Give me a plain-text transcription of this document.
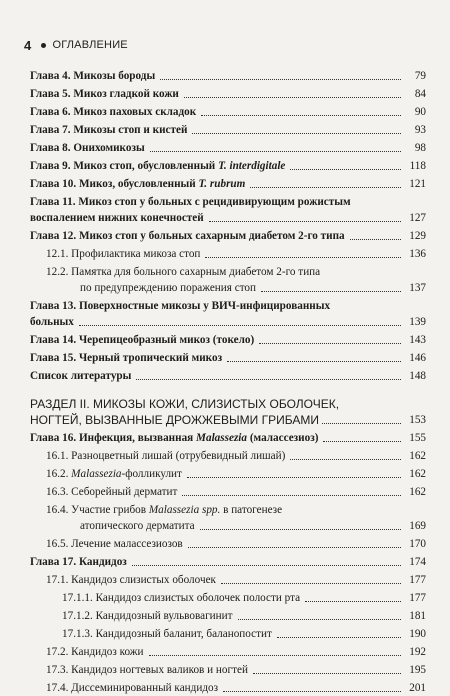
4 ОГЛАВЛЕНИЕ
Глава 4. Микозы бороды	79
Глава 5. Микоз гладкой кожи	84
Глава 6. Микоз паховых складок	90
Глава 7. Микозы стоп и кистей	93
Глава 8. Онихомикозы	98
Глава 9. Микоз стоп, обусловленный T. interdigitale	118
Глава 10. Микоз, обусловленный T. rubrum	121
Глава 11. Микоз стоп у больных с рецидивирующим рожистым
воспалением нижних конечностей	127
Глава 12. Микоз стоп у больных сахарным диабетом 2-го типа	129
12.1. Профилактика микоза стоп	136
12.2. Памятка для больного сахарным диабетом 2-го типа
по предупреждению поражения стоп	137
Глава 13. Поверхностные микозы у ВИЧ-инфицированных
больных	139
Глава 14. Черепицеобразный микоз (токело)	143
Глава 15. Черный тропический микоз	146
Список литературы	148
РАЗДЕЛ II. МИКОЗЫ КОЖИ, СЛИЗИСТЫХ ОБОЛОЧЕК,
НОГТЕЙ, ВЫЗВАННЫЕ ДРОЖЖЕВЫМИ ГРИБАМИ	153
Глава 16. Инфекция, вызванная Malassezia (малассезиоз)	155
16.1. Разноцветный лишай (отрубевидный лишай)	162
16.2. Malassezia-фолликулит	162
16.3. Себорейный дерматит	162
16.4. Участие грибов Malassezia spp. в патогенезе
атопического дерматита	169
16.5. Лечение малассезиозов	170
Глава 17. Кандидоз	174
17.1. Кандидоз слизистых оболочек	177
17.1.1. Кандидоз слизистых оболочек полости рта	177
17.1.2. Кандидозный вульвовагинит	181
17.1.3. Кандидозный баланит, баланопостит	190
17.2. Кандидоз кожи	192
17.3. Кандидоз ногтевых валиков и ногтей	195
17.4. Диссеминированный кандидоз	201
